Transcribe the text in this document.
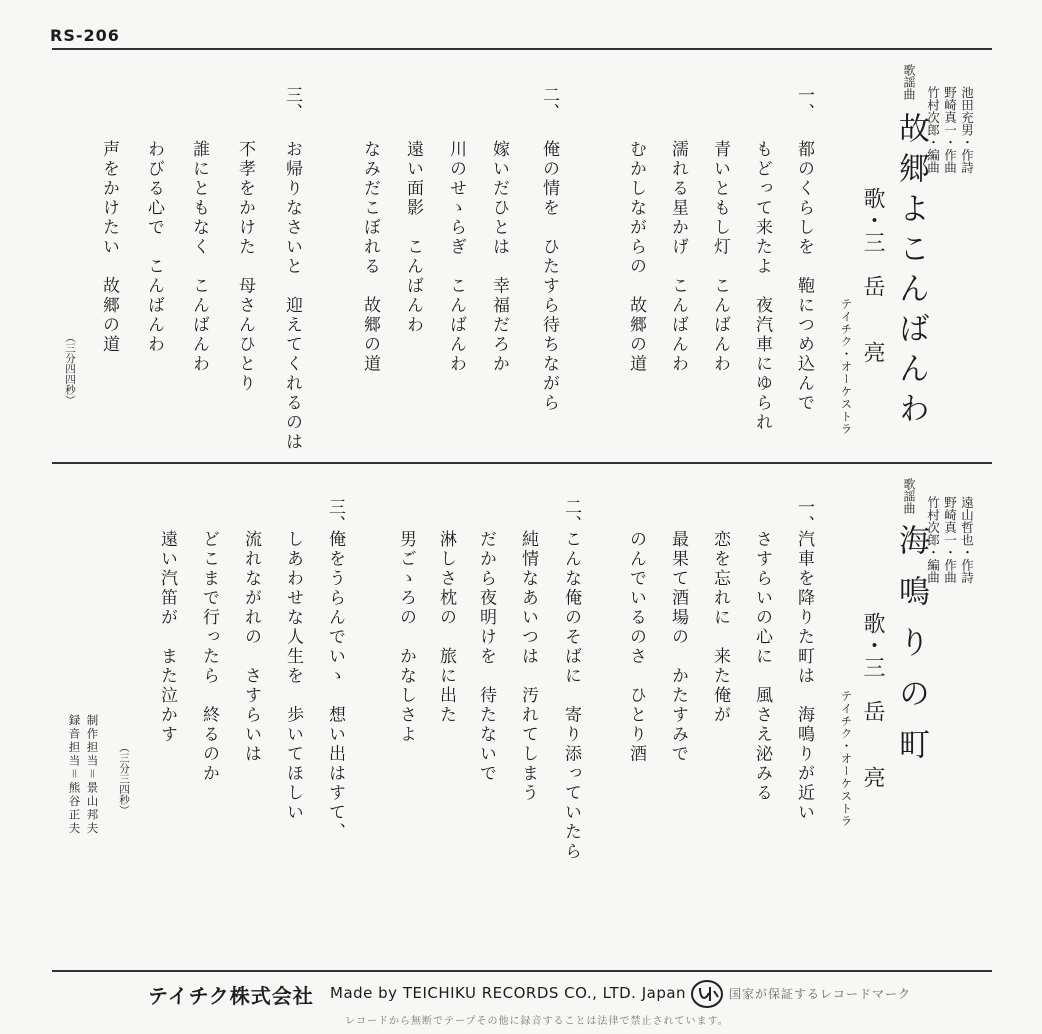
RS-206
歌謡曲
故郷よこんばんわ 池田充男・作詩
野崎真一・作曲
竹村次郎・編曲
歌・三　岳　　亮
テイチク・オーケストラ
一、
都のくらしを　鞄につめ込んで
もどって来たよ　夜汽車にゆられ
青いともし灯　こんばんわ
濡れる星かげ　こんばんわ
むかしながらの　故郷の道
二、
俺の情を　ひたすら待ちながら
嫁いだひとは　幸福だろか
川のせゝらぎ　こんばんわ
遠い面影　こんばんわ
なみだこぼれる　故郷の道
三、
お帰りなさいと　迎えてくれるのは
不孝をかけた　母さんひとり
誰にともなく　こんばんわ
わびる心で　こんばんわ
声をかけたい　故郷の道
（三分四四秒）
歌謡曲
海鳴りの町 遠山哲也・作詩
野崎真一・作曲
竹村次郎・編曲
歌・三　岳　　亮
テイチク・オーケストラ
一、
汽車を降りた町は　海鳴りが近い
さすらいの心に　風さえ泌みる
恋を忘れに　来た俺が
最果て酒場の　かたすみで
のんでいるのさ　ひとり酒
二、
こんな俺のそばに　寄り添っていたら
純情なあいつは　汚れてしまう
だから夜明けを　待たないで
淋しさ枕の　旅に出た
男ごゝろの　かなしさよ
三、
俺をうらんでいゝ　想い出はすて、
しあわせな人生を　歩いてほしい
流れながれの　さすらいは
どこまで行ったら　終るのか
遠い汽笛が　また泣かす
（三分三四秒）
制作担当＝景山邦夫
録音担当＝熊谷正夫
テイチク株式会社 Made by TEICHIKU RECORDS CO., LTD. Japan	国家が保証するレコードマーク
レコードから無断でテープその他に録音することは法律で禁止されています。
